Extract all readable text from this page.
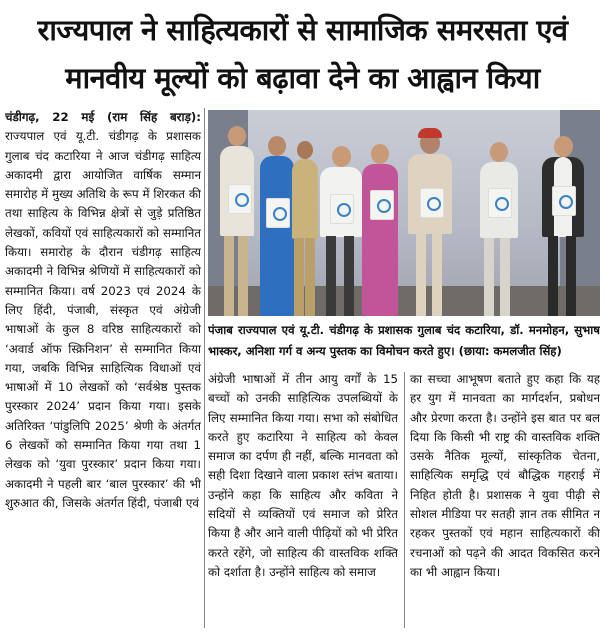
राज्यपाल ने साहित्यकारों से सामाजिक समरसता एवं
मानवीय मूल्यों को बढ़ावा देने का आह्वान किया

चंडीगढ़, 22 मई (राम सिंह बराड़): राज्यपाल एवं यू.टी. चंडीगढ़ के प्रशासक गुलाब चंद कटारिया ने आज चंडीगढ़ साहित्य अकादमी द्वारा आयोजित वार्षिक सम्मान समारोह में मुख्य अतिथि के रूप में शिरकत की तथा साहित्य के विभिन्न क्षेत्रों से जुड़े प्रतिष्ठित लेखकों, कवियों एवं साहित्यकारों को सम्मानित किया। समारोह के दौरान चंडीगढ़ साहित्य अकादमी ने विभिन्न श्रेणियों में साहित्यकारों को सम्मानित किया। वर्ष 2023 एवं 2024 के लिए हिंदी, पंजाबी, संस्कृत एवं अंग्रेजी भाषाओं के कुल 8 वरिष्ठ साहित्यकारों को ‘अवार्ड ऑफ स्क्रिनिशन’ से सम्मानित किया गया, जबकि विभिन्न साहित्यिक विधाओं एवं भाषाओं में 10 लेखकों को ‘सर्वश्रेष्ठ पुस्तक पुरस्कार 2024’ प्रदान किया गया। इसके अतिरिक्त ‘पांडुलिपि 2025’ श्रेणी के अंतर्गत 6 लेखकों को सम्मानित किया गया तथा 1 लेखक को ‘युवा पुरस्कार’ प्रदान किया गया। अकादमी ने पहली बार ‘बाल पुरस्कार’ की भी शुरुआत की, जिसके अंतर्गत हिंदी, पंजाबी एवं

पंजाब राज्यपाल एवं यू.टी. चंडीगढ़ के प्रशासक गुलाब चंद कटारिया, डॉ. मनमोहन, सुभाष भास्कर, अनिशा गर्ग व अन्य पुस्तक का विमोचन करते हुए। (छाया: कमलजीत सिंह)

अंग्रेजी भाषाओं में तीन आयु वर्गों के 15 बच्चों को उनकी साहित्यिक उपलब्धियों के लिए सम्मानित किया गया। सभा को संबोधित करते हुए कटारिया ने साहित्य को केवल समाज का दर्पण ही नहीं, बल्कि मानवता को सही दिशा दिखाने वाला प्रकाश स्तंभ बताया। उन्होंने कहा कि साहित्य और कविता ने सदियों से व्यक्तियों एवं समाज को प्रेरित किया है और आने वाली पीढ़ियों को भी प्रेरित करते रहेंगे, जो साहित्य की वास्तविक शक्ति को दर्शाता है। उन्होंने साहित्य को समाज

का सच्चा आभूषण बताते हुए कहा कि यह हर युग में मानवता का मार्गदर्शन, प्रबोधन और प्रेरणा करता है। उन्होंने इस बात पर बल दिया कि किसी भी राष्ट्र की वास्तविक शक्ति उसके नैतिक मूल्यों, सांस्कृतिक चेतना, साहित्यिक समृद्धि एवं बौद्धिक गहराई में निहित होती है। प्रशासक ने युवा पीढ़ी से सोशल मीडिया पर सतही ज्ञान तक सीमित न रहकर पुस्तकों एवं महान साहित्यकारों की रचनाओं को पढ़ने की आदत विकसित करने का भी आह्वान किया।
